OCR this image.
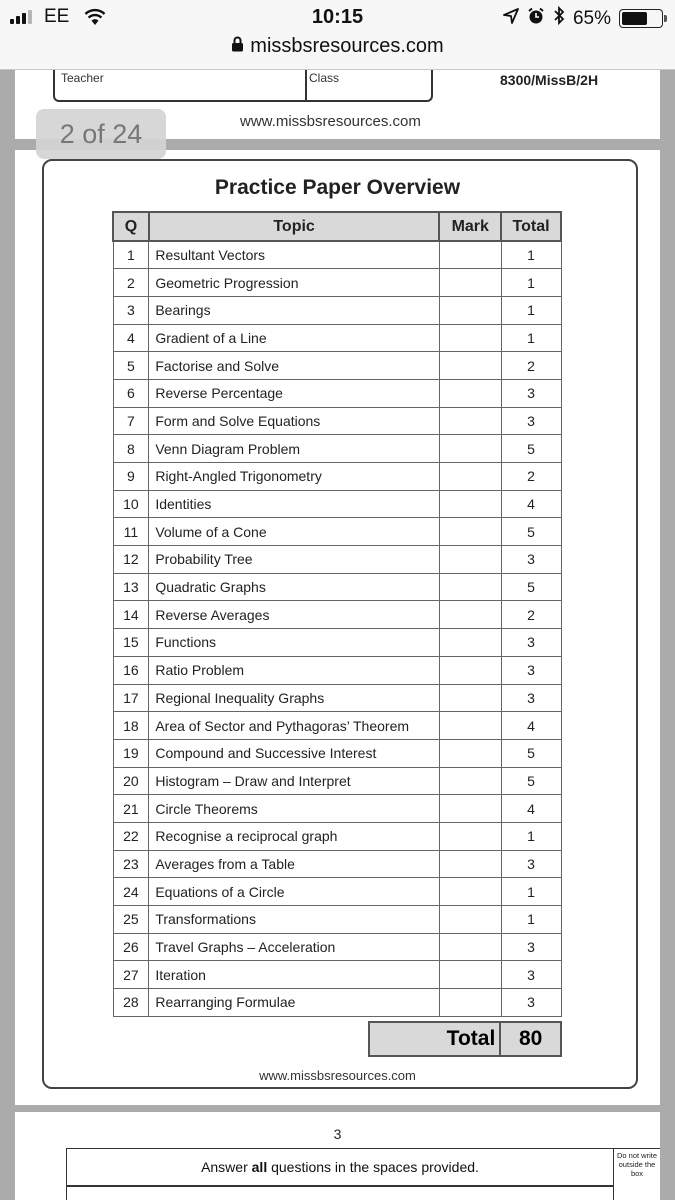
EE	10:15	65%
missbsresources.com
Teacher	Class	8300/MissB/2H
www.missbsresources.com
2 of 24
Practice Paper Overview
Q	Topic	Mark	Total
1	Resultant Vectors		1
2	Geometric Progression		1
3	Bearings		1
4	Gradient of a Line		1
5	Factorise and Solve		2
6	Reverse Percentage		3
7	Form and Solve Equations		3
8	Venn Diagram Problem		5
9	Right-Angled Trigonometry		2
10	Identities		4
11	Volume of a Cone		5
12	Probability Tree		3
13	Quadratic Graphs		5
14	Reverse Averages		2
15	Functions		3
16	Ratio Problem		3
17	Regional Inequality Graphs		3
18	Area of Sector and Pythagoras’ Theorem		4
19	Compound and Successive Interest		5
20	Histogram – Draw and Interpret		5
21	Circle Theorems		4
22	Recognise a reciprocal graph		1
23	Averages from a Table		3
24	Equations of a Circle		1
25	Transformations		1
26	Travel Graphs – Acceleration		3
27	Iteration		3
28	Rearranging Formulae		3
Total	80
www.missbsresources.com
3
Answer all questions in the spaces provided.
Do not write outside the box
